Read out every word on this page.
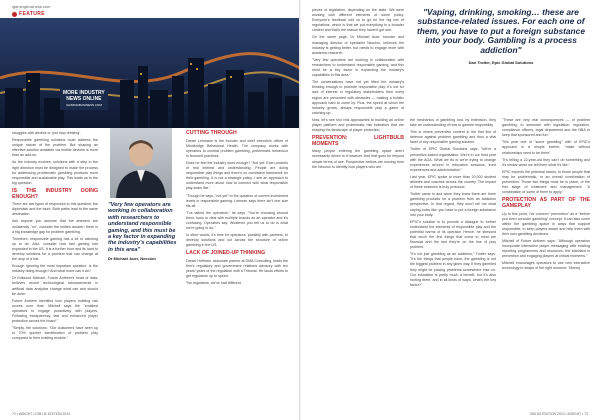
igamingbusiness.com
FEATURE
MORE INDUSTRY
NEWS ONLINE
IGAMINGBUSINESS.COM

struggles with alcohol or 'just stop drinking'.

Responsible gambling solutions must address the unique nature of the problem. But shaping an effective solution available via mobile devices is more than an add-on.

As the industry evolves, solutions with a step in the right direction must be designed to make the process for addressing problematic gambling products more responsible and sustainable play. This leads us to the big question.

IS THE INDUSTRY DOING ENOUGH?

There are two types of responses to this question: the diplomatic and the blunt. Both paths lead to the same destination.

Ask anyone you assume that the answers are unilaterally "no", consider the written answer: there is a big knowledge gap for problem gambling.

Therefore, responsible gaming has a lot of catching up to do. Also, consider how fast gaming has expanded in the US. It is a further hour and its hard to develop solutions for a problem that can change at the drop of a hat.

Enough ignoring the most important question: is the industry doing enough? And what more can it do?

Dr Ediwood Michael, Future Anthem's head of data, believes recent technological advancements in artificial data analytics change what can and should be done.

Future Anthem identifies how players building risk scores over time. Mitchell says the "smallest operators to engage proactively with players. Following transparency, fast and enhanced player protection across the board."

"Simply, the solutions: "Our customers have seen up to 70% quicker identification of problem play compared to their existing models."

"Very few operators are working in collaboration with researchers to understand responsible gaming, and this must be a key factor in expanding the industry's capabilities in this area"
Dr Michael Auer, Neccion
CUTTING THROUGH

Daniel Lehmann is the founder and chief executive officer of Mindbridge Behavioral Health. The company works with operators to combat problem gambling, problematic behaviour in licensed practices.

Does he feel the industry does enough? "Not yet. Even pockets of real interest and understanding. People are doing responsible play things and there's no consistent framework for their gambling. It is not a strategic policy. I see an approach to understand more about how to connect with what responsible play looks like."

"Though he says, "not yet" to the question of current investment levels in responsible gaming. Lehman says there isn't one size fits all.

"I've talked the operators," he says. "You're choosing around them, tools to deal with multiple brands as an operator and it's confusing. Operators say: Whatever you tell us to do is what we're going to do."

In other words, it's time for operators, possibly with partners, to develop solutions and cut across the structure of online gambling in the US.

LACK OF JOINED-UP THINKING

Daniel Hoffman, associate partner at DMA Consulting, leads the firm's regulatory and government relations advisory with ten years' years of the regulation with a Tribunal. He lauds efforts to get regulators up to speed.

"No regulators, we've had different

72 • iNSIGHT • IGB US EDITION 2024
"Vaping, drinking, smoking… these are substance-related issues. For each one of them, you have to put a foreign substance into your body. Gambling is a process addiction"
Dan Trotter, Epic Global Solutions

pieces of legislation, depending on the state. We were working with different elements of some policy. Everyone's feedback told us to go for the big mix of regulations, which is that we put everything in a broader context and that's the reason they haven't got one.

On the same page, Dr Michael Auer, founder and managing director of specialist Neccion, believes the industry is getting better, but needs to engage more with academic research.

"Very few operators are working in collaboration with researchers to understand responsible gaming, and this must be a key factor in expanding the industry's capabilities in this area."

The conversations have not yet lifted the industry's thinking enough to promote responsible play. It's not for lack of interest or regulatory stakeholders from every region are presented with obstacles — making a holistic approach hard to come by. Plus, the speed at which the industry grows, always responsible play a game of catching up.

Now, let's see two real approaches to building an online player platform and problematic risk indicators that are shaping the landscape of player protection.

PREVENTION: LIGHTBULB MOMENTS

Many people entering the gambling space aren't necessarily driven to it however. And that goes for beyond simple terms of use. Prospective bettors are moving from the Neccion to identify how players who are

the mechanics of gambling and, by extension, they take an understanding of how to gamble responsibly.

This is where preventive content in the first line of defence against problem gambling and thus a vital facet of any responsible gaming solution.

Trotter of EPIC Global Solutions says: "We're a preventive-based organisation. We're in our third year with the AGA. What we do is we're trying to change experiences around in education sessions, lived experiences and administration."

Last year, EPIC spoke to more than 20,000 student athletes and coaches across the country. The impact of these sessions is truly profound.

Trotter came in and when they knew there are three gambling products for a problem from an addiction perspective. In that regard, they won't tell me what vaping looks like: you have to put a foreign substance into your body.

EPIC's solution is to provide a dialogue to further understand the elements of responsible play and the potential harms of its operator. Hence, he stressed that much the first things that come to mind are financial and the fact they're on the line of play problem.

"It's not just gambling as an addiction," Trotter says. "It's the things that people have; the gambling is not the biggest problem in any given way. If they gambled they might be placing problems somewhere else on. Our education is pretty much a benefit, but it's also hurting them, and in all kinds of ways, what's the key factor?"

"These are very real consequences — of problem gambling, to someone with legislation, regulation, compliance officers, legal department and the NBA to keep that sponsored and fun."

This year one of "some gambling" with of EPIC's approach is a simple barrier, "make without relationships need to be there".

"It's telling a 22-year-old they can't do something and it's similar when we tell them what it's like."

EPIC expects the potential harms, to those people that may be problematic, or an overall combination of prevention. Those two things must be in place, of the first stage of treatment and management: "A combination of some of them to apply."

PROTECTION AS PART OF THE GAMEPLAY

Up to this point, I've covered "prevention" as a "before you even consider gambling" concept. It can also come within the gambling space in ways that support responsible, to keep players aware and help them with their own gambling decisions.

Mitchell of Future Anthem says: "Although operators incorporate interactive player messaging with existing reporting programmes and resources, the standard is prevention and engaging players at critical moments."

Mitchell encourages operators to use new interactive technology to shape of the right moment: "Money

IGB US EDITION 2024 • iNSIGHT • 73
